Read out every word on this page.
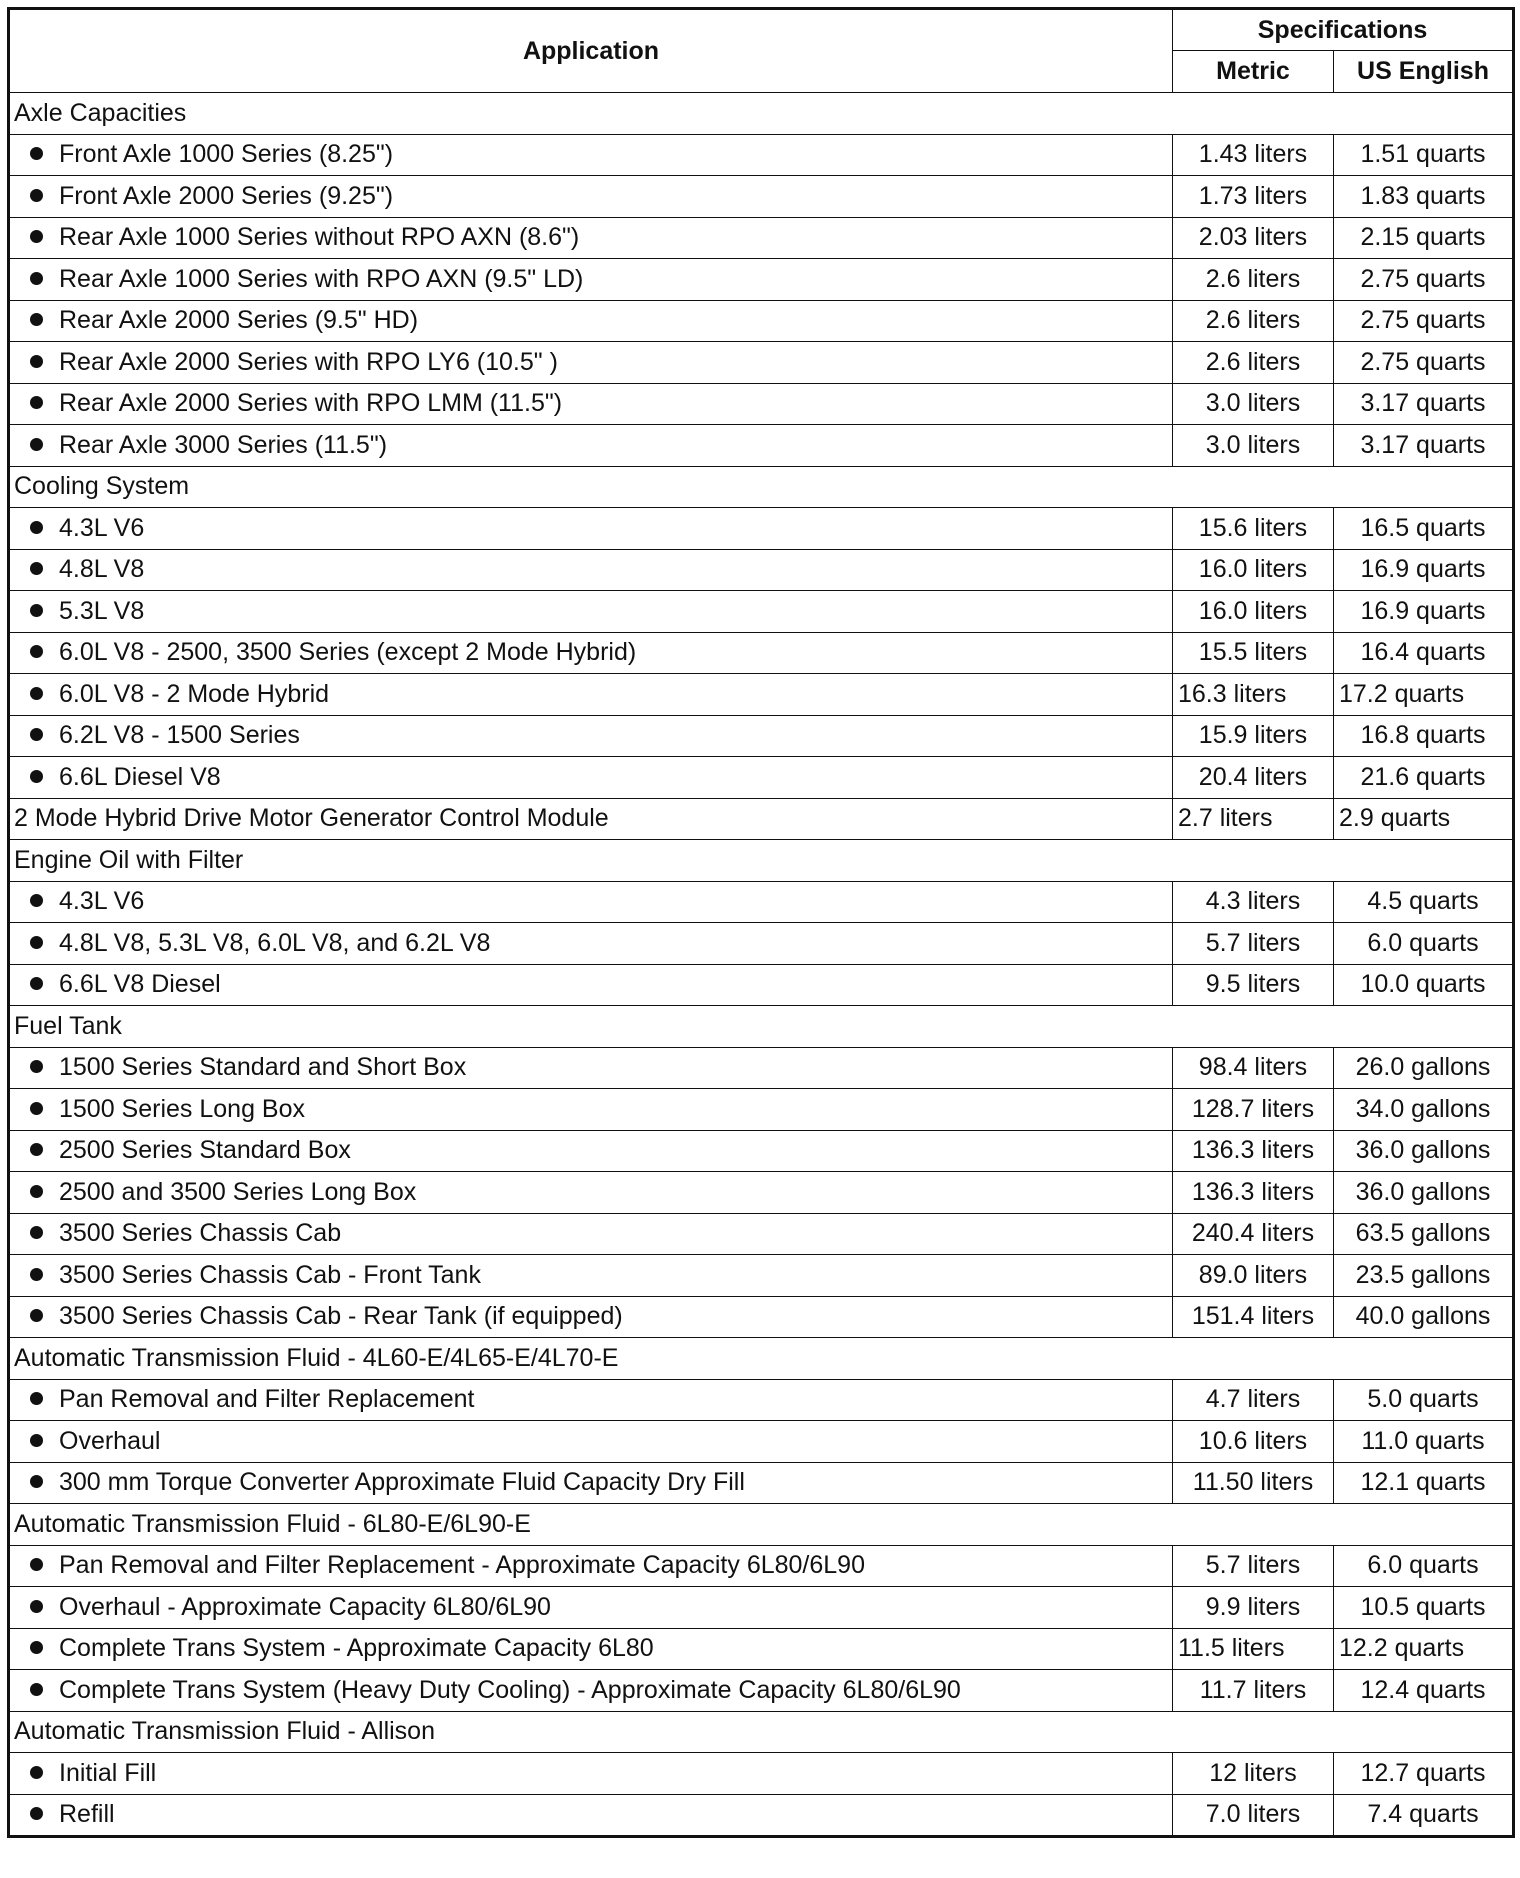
Application	Specifications	
	Metric	US English
Axle Capacities		
Front Axle 1000 Series (8.25")	1.43 liters	1.51 quarts
Front Axle 2000 Series (9.25")	1.73 liters	1.83 quarts
Rear Axle 1000 Series without RPO AXN (8.6")	2.03 liters	2.15 quarts
Rear Axle 1000 Series with RPO AXN (9.5" LD)	2.6 liters	2.75 quarts
Rear Axle 2000 Series (9.5" HD)	2.6 liters	2.75 quarts
Rear Axle 2000 Series with RPO LY6 (10.5" )	2.6 liters	2.75 quarts
Rear Axle 2000 Series with RPO LMM (11.5")	3.0 liters	3.17 quarts
Rear Axle 3000 Series (11.5")	3.0 liters	3.17 quarts
Cooling System		
4.3L V6	15.6 liters	16.5 quarts
4.8L V8	16.0 liters	16.9 quarts
5.3L V8	16.0 liters	16.9 quarts
6.0L V8 - 2500, 3500 Series (except 2 Mode Hybrid)	15.5 liters	16.4 quarts
6.0L V8 - 2 Mode Hybrid	16.3 liters	17.2 quarts
6.2L V8 - 1500 Series	15.9 liters	16.8 quarts
6.6L Diesel V8	20.4 liters	21.6 quarts
2 Mode Hybrid Drive Motor Generator Control Module	2.7 liters	2.9 quarts
Engine Oil with Filter		
4.3L V6	4.3 liters	4.5 quarts
4.8L V8, 5.3L V8, 6.0L V8, and 6.2L V8	5.7 liters	6.0 quarts
6.6L V8 Diesel	9.5 liters	10.0 quarts
Fuel Tank		
1500 Series Standard and Short Box	98.4 liters	26.0 gallons
1500 Series Long Box	128.7 liters	34.0 gallons
2500 Series Standard Box	136.3 liters	36.0 gallons
2500 and 3500 Series Long Box	136.3 liters	36.0 gallons
3500 Series Chassis Cab	240.4 liters	63.5 gallons
3500 Series Chassis Cab - Front Tank	89.0 liters	23.5 gallons
3500 Series Chassis Cab - Rear Tank (if equipped)	151.4 liters	40.0 gallons
Automatic Transmission Fluid - 4L60-E/4L65-E/4L70-E		
Pan Removal and Filter Replacement	4.7 liters	5.0 quarts
Overhaul	10.6 liters	11.0 quarts
300 mm Torque Converter Approximate Fluid Capacity Dry Fill	11.50 liters	12.1 quarts
Automatic Transmission Fluid - 6L80-E/6L90-E		
Pan Removal and Filter Replacement - Approximate Capacity 6L80/6L90	5.7 liters	6.0 quarts
Overhaul - Approximate Capacity 6L80/6L90	9.9 liters	10.5 quarts
Complete Trans System - Approximate Capacity 6L80	11.5 liters	12.2 quarts
Complete Trans System (Heavy Duty Cooling) - Approximate Capacity 6L80/6L90	11.7 liters	12.4 quarts
Automatic Transmission Fluid - Allison		
Initial Fill	12 liters	12.7 quarts
Refill	7.0 liters	7.4 quarts
